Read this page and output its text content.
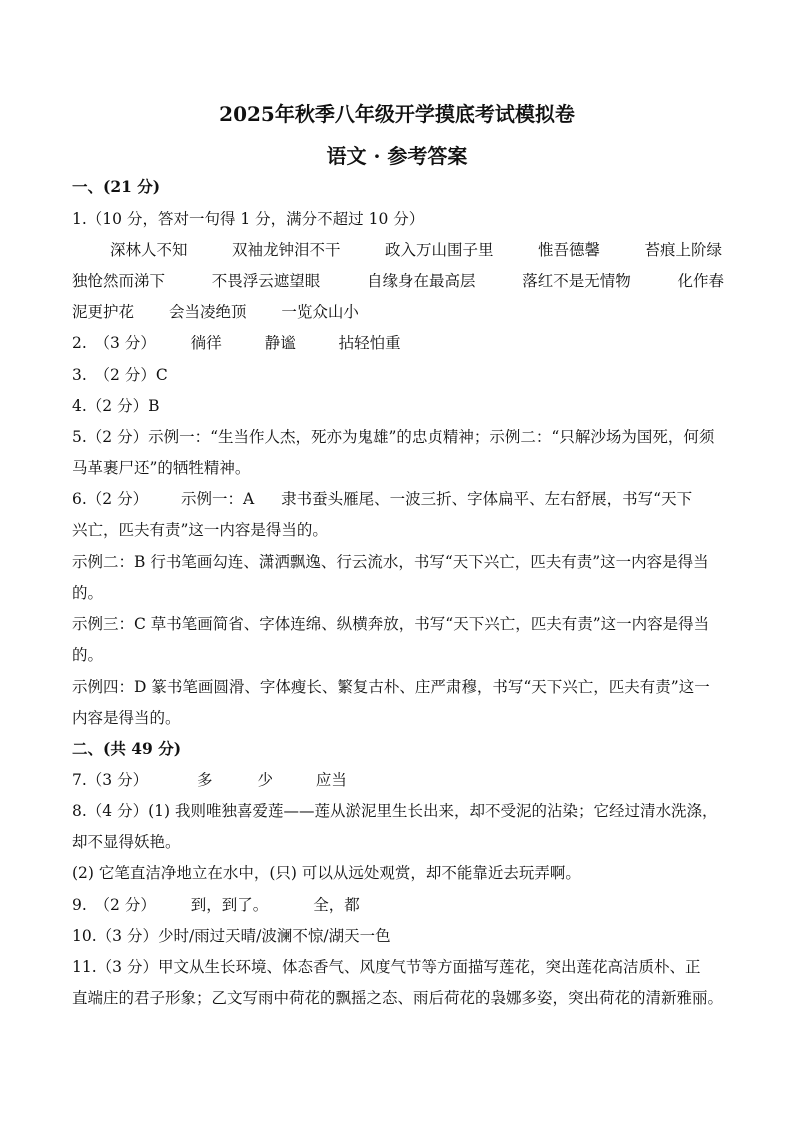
2025年秋季八年级开学摸底考试模拟卷
语文 · 参考答案
一、(21 分)
1.（10 分，答对一句得 1 分，满分不超过 10 分）
深林人不知	双袖龙钟泪不干	政入万山围子里	惟吾德馨	苔痕上阶绿
独怆然而涕下	不畏浮云遮望眼	自缘身在最高层	落红不是无情物	化作春
泥更护花 会当凌绝顶 一览众山小
2.　（3 分） 徜徉	静谧	拈轻怕重
3.　（2 分）C
4.（2 分）B
5.（2 分）示例一：“生当作人杰，死亦为鬼雄”的忠贞精神；示例二：“只解沙场为国死，何须
马革裹尸还”的牺牲精神。
6.（2 分） 示例一：A 隶书蚕头雁尾、一波三折、字体扁平、左右舒展，书写“天下
兴亡，匹夫有责”这一内容是得当的。
示例二：B 行书笔画勾连、潇洒飘逸、行云流水，书写“天下兴亡，匹夫有责”这一内容是得当
的。
示例三：C 草书笔画简省、字体连绵、纵横奔放，书写“天下兴亡，匹夫有责”这一内容是得当
的。
示例四：D 篆书笔画圆滑、字体瘦长、繁复古朴、庄严肃穆，书写“天下兴亡，匹夫有责”这一
内容是得当的。
二、(共 49 分)
7.（3 分）	多	少	应当
8.（4 分）(1) 我则唯独喜爱莲——莲从淤泥里生长出来，却不受泥的沾染；它经过清水洗涤，
却不显得妖艳。
(2) 它笔直洁净地立在水中，(只) 可以从远处观赏，却不能靠近去玩弄啊。
9.　（2 分） 到，到了。	全，都
10.（3 分）少时/雨过天晴/波澜不惊/湖天一色
11.（3 分）甲文从生长环境、体态香气、风度气节等方面描写莲花，突出莲花高洁质朴、正
直端庄的君子形象；乙文写雨中荷花的飘摇之态、雨后荷花的袅娜多姿，突出荷花的清新雅丽。
